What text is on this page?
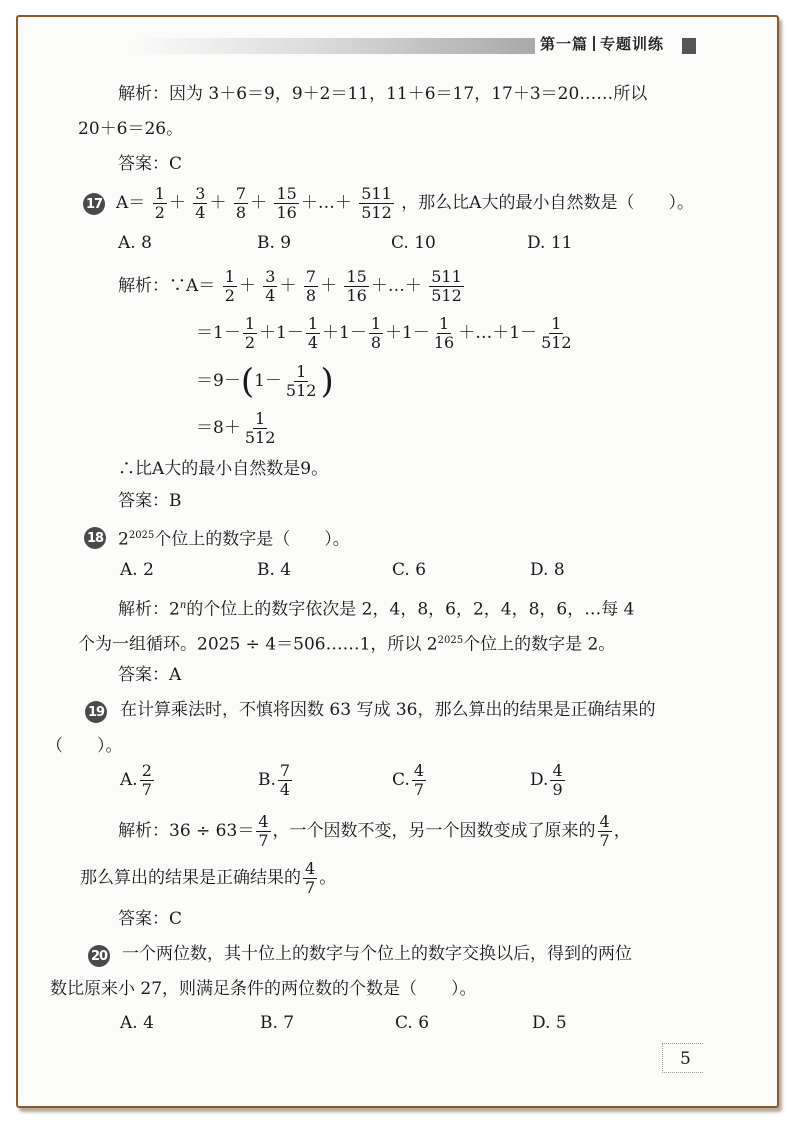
第一篇 专题训练
解析：因为 3＋6＝9，9＋2＝11，11＋6＝17，17＋3＝20……所以
20＋6＝26。
答案：C
17 $A= \frac{1}{2} + \frac{3}{4} + \frac{7}{8} + \frac{15}{16}$ ＋…＋ $\frac{511}{512}$ ，那么比A大的最小自然数是（　　）。
A. 8	B. 9	C. 10	D. 11
解析：∵A＝ $\frac{1}{2} + \frac{3}{4} + \frac{7}{8} + \frac{15}{16}$ ＋…＋ $\frac{511}{512}$
$=1- \frac{1}{2} +1- \frac{1}{4} +1- \frac{1}{8} +1- \frac{1}{16}$ ＋…＋1－ $\frac{1}{512}$
$=9-(1- \frac{1}{512}$ )
$=8+ \frac{1}{512}$
∴比A大的最小自然数是9。
答案：B
18 $2^{2025}$个位上的数字是（　　）。
A. 2	B. 4	C. 6	D. 8
解析：2$^n$的个位上的数字依次是 2，4，8，6，2，4，8，6，…每 4
个为一组循环。2025 ÷ 4＝506……1，所以 $2^{2025}$个位上的数字是 2。
答案：A
19 在计算乘法时，不慎将因数 63 写成 36，那么算出的结果是正确结果的
（　　）。
A. $\frac{2}{7}$	B. $\frac{7}{4}$	C. $\frac{4}{7}$	D. $\frac{4}{9}$
解析：$36 \div 63= \frac{4}{7}$ ，一个因数不变，另一个因数变成了原来的 $\frac{4}{7}$ ，
那么算出的结果是正确结果的 $\frac{4}{7}$ 。
答案：C
20 一个两位数，其十位上的数字与个位上的数字交换以后，得到的两位
数比原来小 27，则满足条件的两位数的个数是（　　）。
A. 4	B. 7	C. 6	D. 5
5
